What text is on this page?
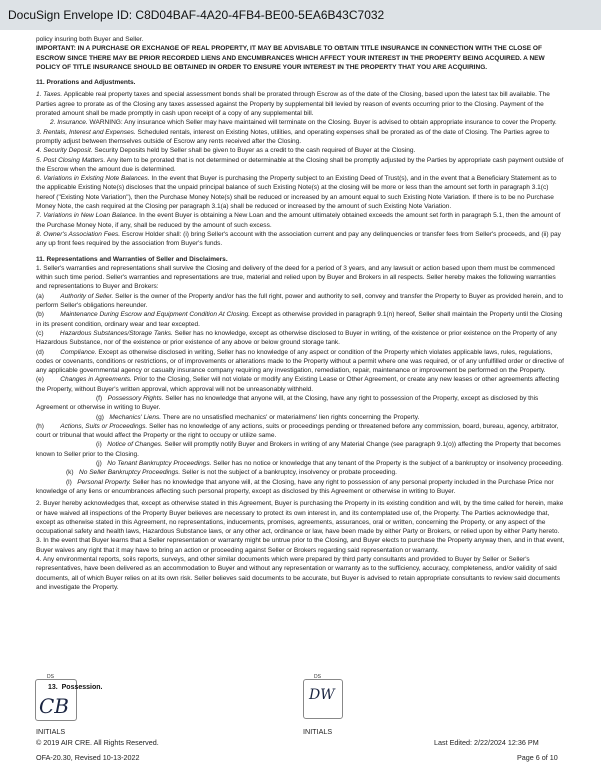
DocuSign Envelope ID: C8D04BAF-4A20-4FB4-BE00-5EA6B43C7032

policy insuring both Buyer and Seller.

IMPORTANT: IN A PURCHASE OR EXCHANGE OF REAL PROPERTY, IT MAY BE ADVISABLE TO OBTAIN TITLE INSURANCE IN CONNECTION WITH THE CLOSE OF ESCROW SINCE THERE MAY BE PRIOR RECORDED LIENS AND ENCUMBRANCES WHICH AFFECT YOUR INTEREST IN THE PROPERTY BEING ACQUIRED. A NEW POLICY OF TITLE INSURANCE SHOULD BE OBTAINED IN ORDER TO ENSURE YOUR INTEREST IN THE PROPERTY THAT YOU ARE ACQUIRING.

11. Prorations and Adjustments.

1. Taxes. Applicable real property taxes and special assessment bonds shall be prorated through Escrow as of the date of the Closing, based upon the latest tax bill available. The Parties agree to prorate as of the Closing any taxes assessed against the Property by supplemental bill levied by reason of events occurring prior to the Closing. Payment of the prorated amount shall be made promptly in cash upon receipt of a copy of any supplemental bill.

2. Insurance. WARNING: Any insurance which Seller may have maintained will terminate on the Closing. Buyer is advised to obtain appropriate insurance to cover the Property.

3. Rentals, Interest and Expenses. Scheduled rentals, interest on Existing Notes, utilities, and operating expenses shall be prorated as of the date of Closing. The Parties agree to promptly adjust between themselves outside of Escrow any rents received after the Closing.

4. Security Deposit. Security Deposits held by Seller shall be given to Buyer as a credit to the cash required of Buyer at the Closing.

5. Post Closing Matters. Any item to be prorated that is not determined or determinable at the Closing shall be promptly adjusted by the Parties by appropriate cash payment outside of the Escrow when the amount due is determined.

6. Variations in Existing Note Balances. In the event that Buyer is purchasing the Property subject to an Existing Deed of Trust(s), and in the event that a Beneficiary Statement as to the applicable Existing Note(s) discloses that the unpaid principal balance of such Existing Note(s) at the closing will be more or less than the amount set forth in paragraph 3.1(c) hereof ("Existing Note Variation"), then the Purchase Money Note(s) shall be reduced or increased by an amount equal to such Existing Note Variation. If there is to be no Purchase Money Note, the cash required at the Closing per paragraph 3.1(a) shall be reduced or increased by the amount of such Existing Note Variation.

7. Variations in New Loan Balance. In the event Buyer is obtaining a New Loan and the amount ultimately obtained exceeds the amount set forth in paragraph 5.1, then the amount of the Purchase Money Note, if any, shall be reduced by the amount of such excess.

8. Owner's Association Fees. Escrow Holder shall: (i) bring Seller's account with the association current and pay any delinquencies or transfer fees from Seller's proceeds, and (ii) pay any up front fees required by the association from Buyer's funds.

11. Representations and Warranties of Seller and Disclaimers.

1. Seller's warranties and representations shall survive the Closing and delivery of the deed for a period of 3 years, and any lawsuit or action based upon them must be commenced within such time period. Seller's warranties and representations are true, material and relied upon by Buyer and Brokers in all respects. Seller hereby makes the following warranties and representations to Buyer and Brokers:

(a) Authority of Seller. Seller is the owner of the Property and/or has the full right, power and authority to sell, convey and transfer the Property to Buyer as provided herein, and to perform Seller's obligations hereunder.

(b) Maintenance During Escrow and Equipment Condition At Closing. Except as otherwise provided in paragraph 9.1(n) hereof, Seller shall maintain the Property until the Closing in its present condition, ordinary wear and tear excepted.

(c) Hazardous Substances/Storage Tanks. Seller has no knowledge, except as otherwise disclosed to Buyer in writing, of the existence or prior existence on the Property of any Hazardous Substance, nor of the existence or prior existence of any above or below ground storage tank.

(d) Compliance. Except as otherwise disclosed in writing, Seller has no knowledge of any aspect or condition of the Property which violates applicable laws, rules, regulations, codes or covenants, conditions or restrictions, or of improvements or alterations made to the Property without a permit where one was required, or of any unfulfilled order or directive of any applicable governmental agency or casualty insurance company requiring any investigation, remediation, repair, maintenance or improvement be performed on the Property.

(e) Changes in Agreements. Prior to the Closing, Seller will not violate or modify any Existing Lease or Other Agreement, or create any new leases or other agreements affecting the Property, without Buyer's written approval, which approval will not be unreasonably withheld.

(f) Possessory Rights. Seller has no knowledge that anyone will, at the Closing, have any right to possession of the Property, except as disclosed by this Agreement or otherwise in writing to Buyer.

(g) Mechanics' Liens. There are no unsatisfied mechanics' or materialmens' lien rights concerning the Property.

(h) Actions, Suits or Proceedings. Seller has no knowledge of any actions, suits or proceedings pending or threatened before any commission, board, bureau, agency, arbitrator, court or tribunal that would affect the Property or the right to occupy or utilize same.

(i) Notice of Changes. Seller will promptly notify Buyer and Brokers in writing of any Material Change (see paragraph 9.1(o)) affecting the Property that becomes known to Seller prior to the Closing.

(j) No Tenant Bankruptcy Proceedings. Seller has no notice or knowledge that any tenant of the Property is the subject of a bankruptcy or insolvency proceeding.

(k) No Seller Bankruptcy Proceedings. Seller is not the subject of a bankruptcy, insolvency or probate proceeding.

(l) Personal Property. Seller has no knowledge that anyone will, at the Closing, have any right to possession of any personal property included in the Purchase Price nor knowledge of any liens or encumbrances affecting such personal property, except as disclosed by this Agreement or otherwise in writing to Buyer.

2. Buyer hereby acknowledges that, except as otherwise stated in this Agreement, Buyer is purchasing the Property in its existing condition and will, by the time called for herein, make or have waived all inspections of the Property Buyer believes are necessary to protect its own interest in, and its contemplated use of, the Property. The Parties acknowledge that, except as otherwise stated in this Agreement, no representations, inducements, promises, agreements, assurances, oral or written, concerning the Property, or any aspect of the occupational safety and health laws, Hazardous Substance laws, or any other act, ordinance or law, have been made by either Party or Brokers, or relied upon by either Party hereto.

3. In the event that Buyer learns that a Seller representation or warranty might be untrue prior to the Closing, and Buyer elects to purchase the Property anyway then, and in that event, Buyer waives any right that it may have to bring an action or proceeding against Seller or Brokers regarding said representation or warranty.

4. Any environmental reports, soils reports, surveys, and other similar documents which were prepared by third party consultants and provided to Buyer by Seller or Seller's representatives, have been delivered as an accommodation to Buyer and without any representation or warranty as to the sufficiency, accuracy, completeness, and/or validity of said documents, all of which Buyer relies on at its own risk. Seller believes said documents to be accurate, but Buyer is advised to retain appropriate consultants to review said documents and investigate the Property.

DS
CB
13. Possession.
DS
DW
INITIALS	INITIALS
© 2019 AIR CRE. All Rights Reserved.	Last Edited: 2/22/2024 12:36 PM
OFA-20.30, Revised 10-13-2022	Page 6 of 10
